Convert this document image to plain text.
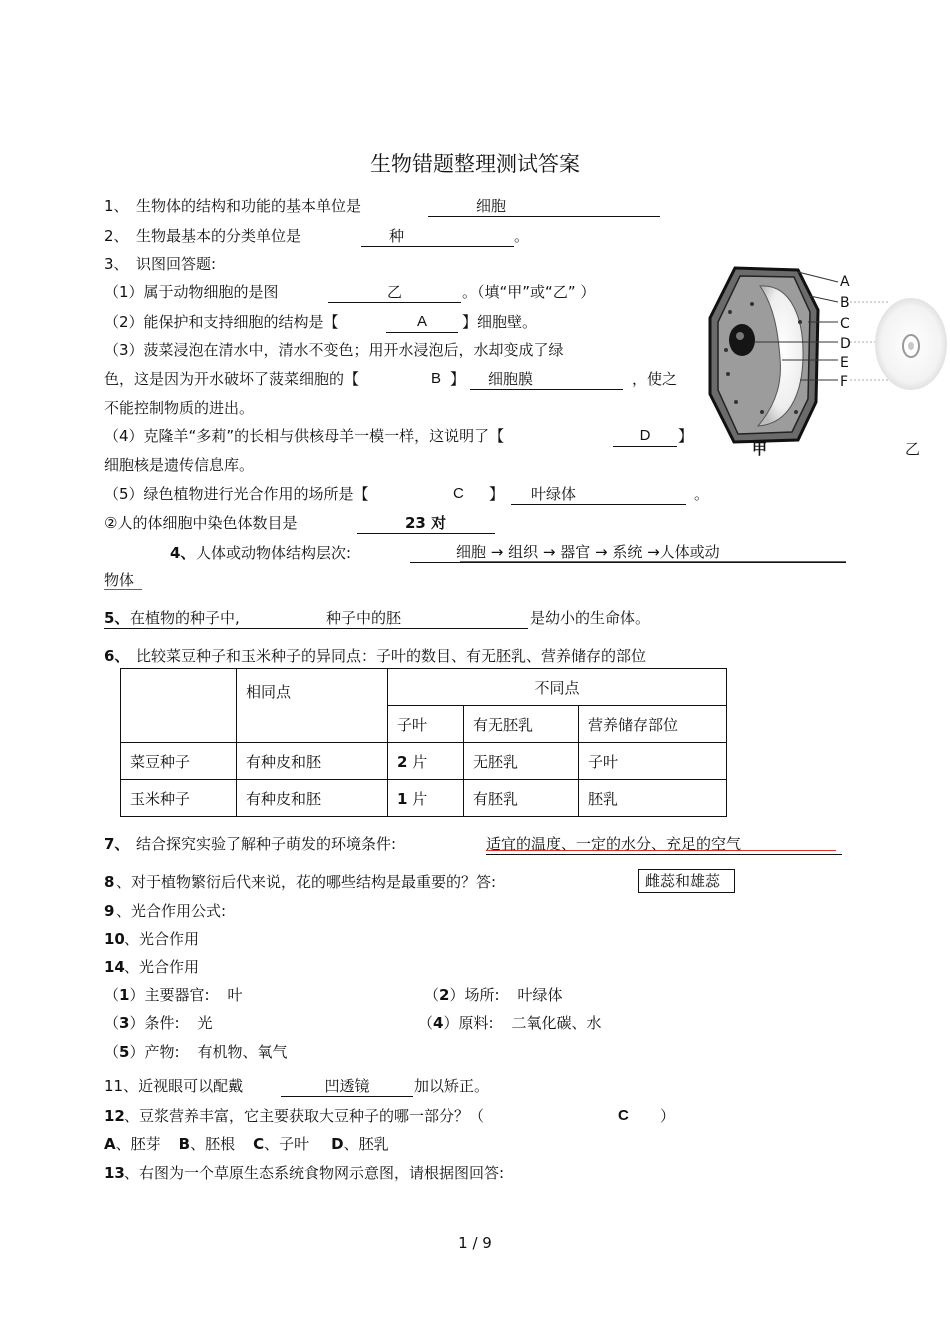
生物错题整理测试答案
1、 生物体的结构和功能的基本单位是	细胞
2、 生物最基本的分类单位是	种	。
3、 识图回答题:
（1）属于动物细胞的是图	乙	。（填“甲”或“乙” ）
（2）能保护和支持细胞的结构是【	A	】细胞壁。
（3）菠菜浸泡在清水中，清水不变色；用开水浸泡后，水却变成了绿
色，这是因为开水破坏了菠菜细胞的【	B 】	细胞膜	，使之
不能控制物质的进出。
（4）克隆羊“多莉”的长相与供核母羊一模一样，这说明了【	D	】
细胞核是遗传信息库。
（5）绿色植物进行光合作用的场所是【	C 】	叶绿体	。
②人的体细胞中染色体数目是	23 对
A
B
C
D
E
F
甲	乙
4、 人体或动物体结构层次:	细胞 → 组织 → 器官 → 系统 →人体或动
物体
5、 在植物的种子中,	种子中的胚	是幼小的生命体。
6、 比较菜豆种子和玉米种子的异同点：子叶的数目、有无胚乳、营养储存的部位
	相同点	不同点		
		子叶	有无胚乳	营养储存部位
菜豆种子	有种皮和胚	2 片	无胚乳	子叶
玉米种子	有种皮和胚	1 片	有胚乳	胚乳
7、 结合探究实验了解种子萌发的环境条件:	适宜的温度、一定的水分、充足的空气
8 、对于植物繁衍后代来说，花的哪些结构是最重要的？答:	雌蕊和雄蕊
9 、光合作用公式:
10 、光合作用
14 、光合作用
（1）主要器官: 叶	（2）场所: 叶绿体
（3）条件: 光	（4）原料: 二氧化碳、水
（5）产物: 有机物、氧气
11、近视眼可以配戴	凹透镜	加以矫正。
12 、豆浆营养丰富，它主要获取大豆种子的哪一部分？（	C ）
A、胚芽 B、胚根 C、子叶 D、胚乳
13 、右图为一个草原生态系统食物网示意图，请根据图回答:
1 / 9
